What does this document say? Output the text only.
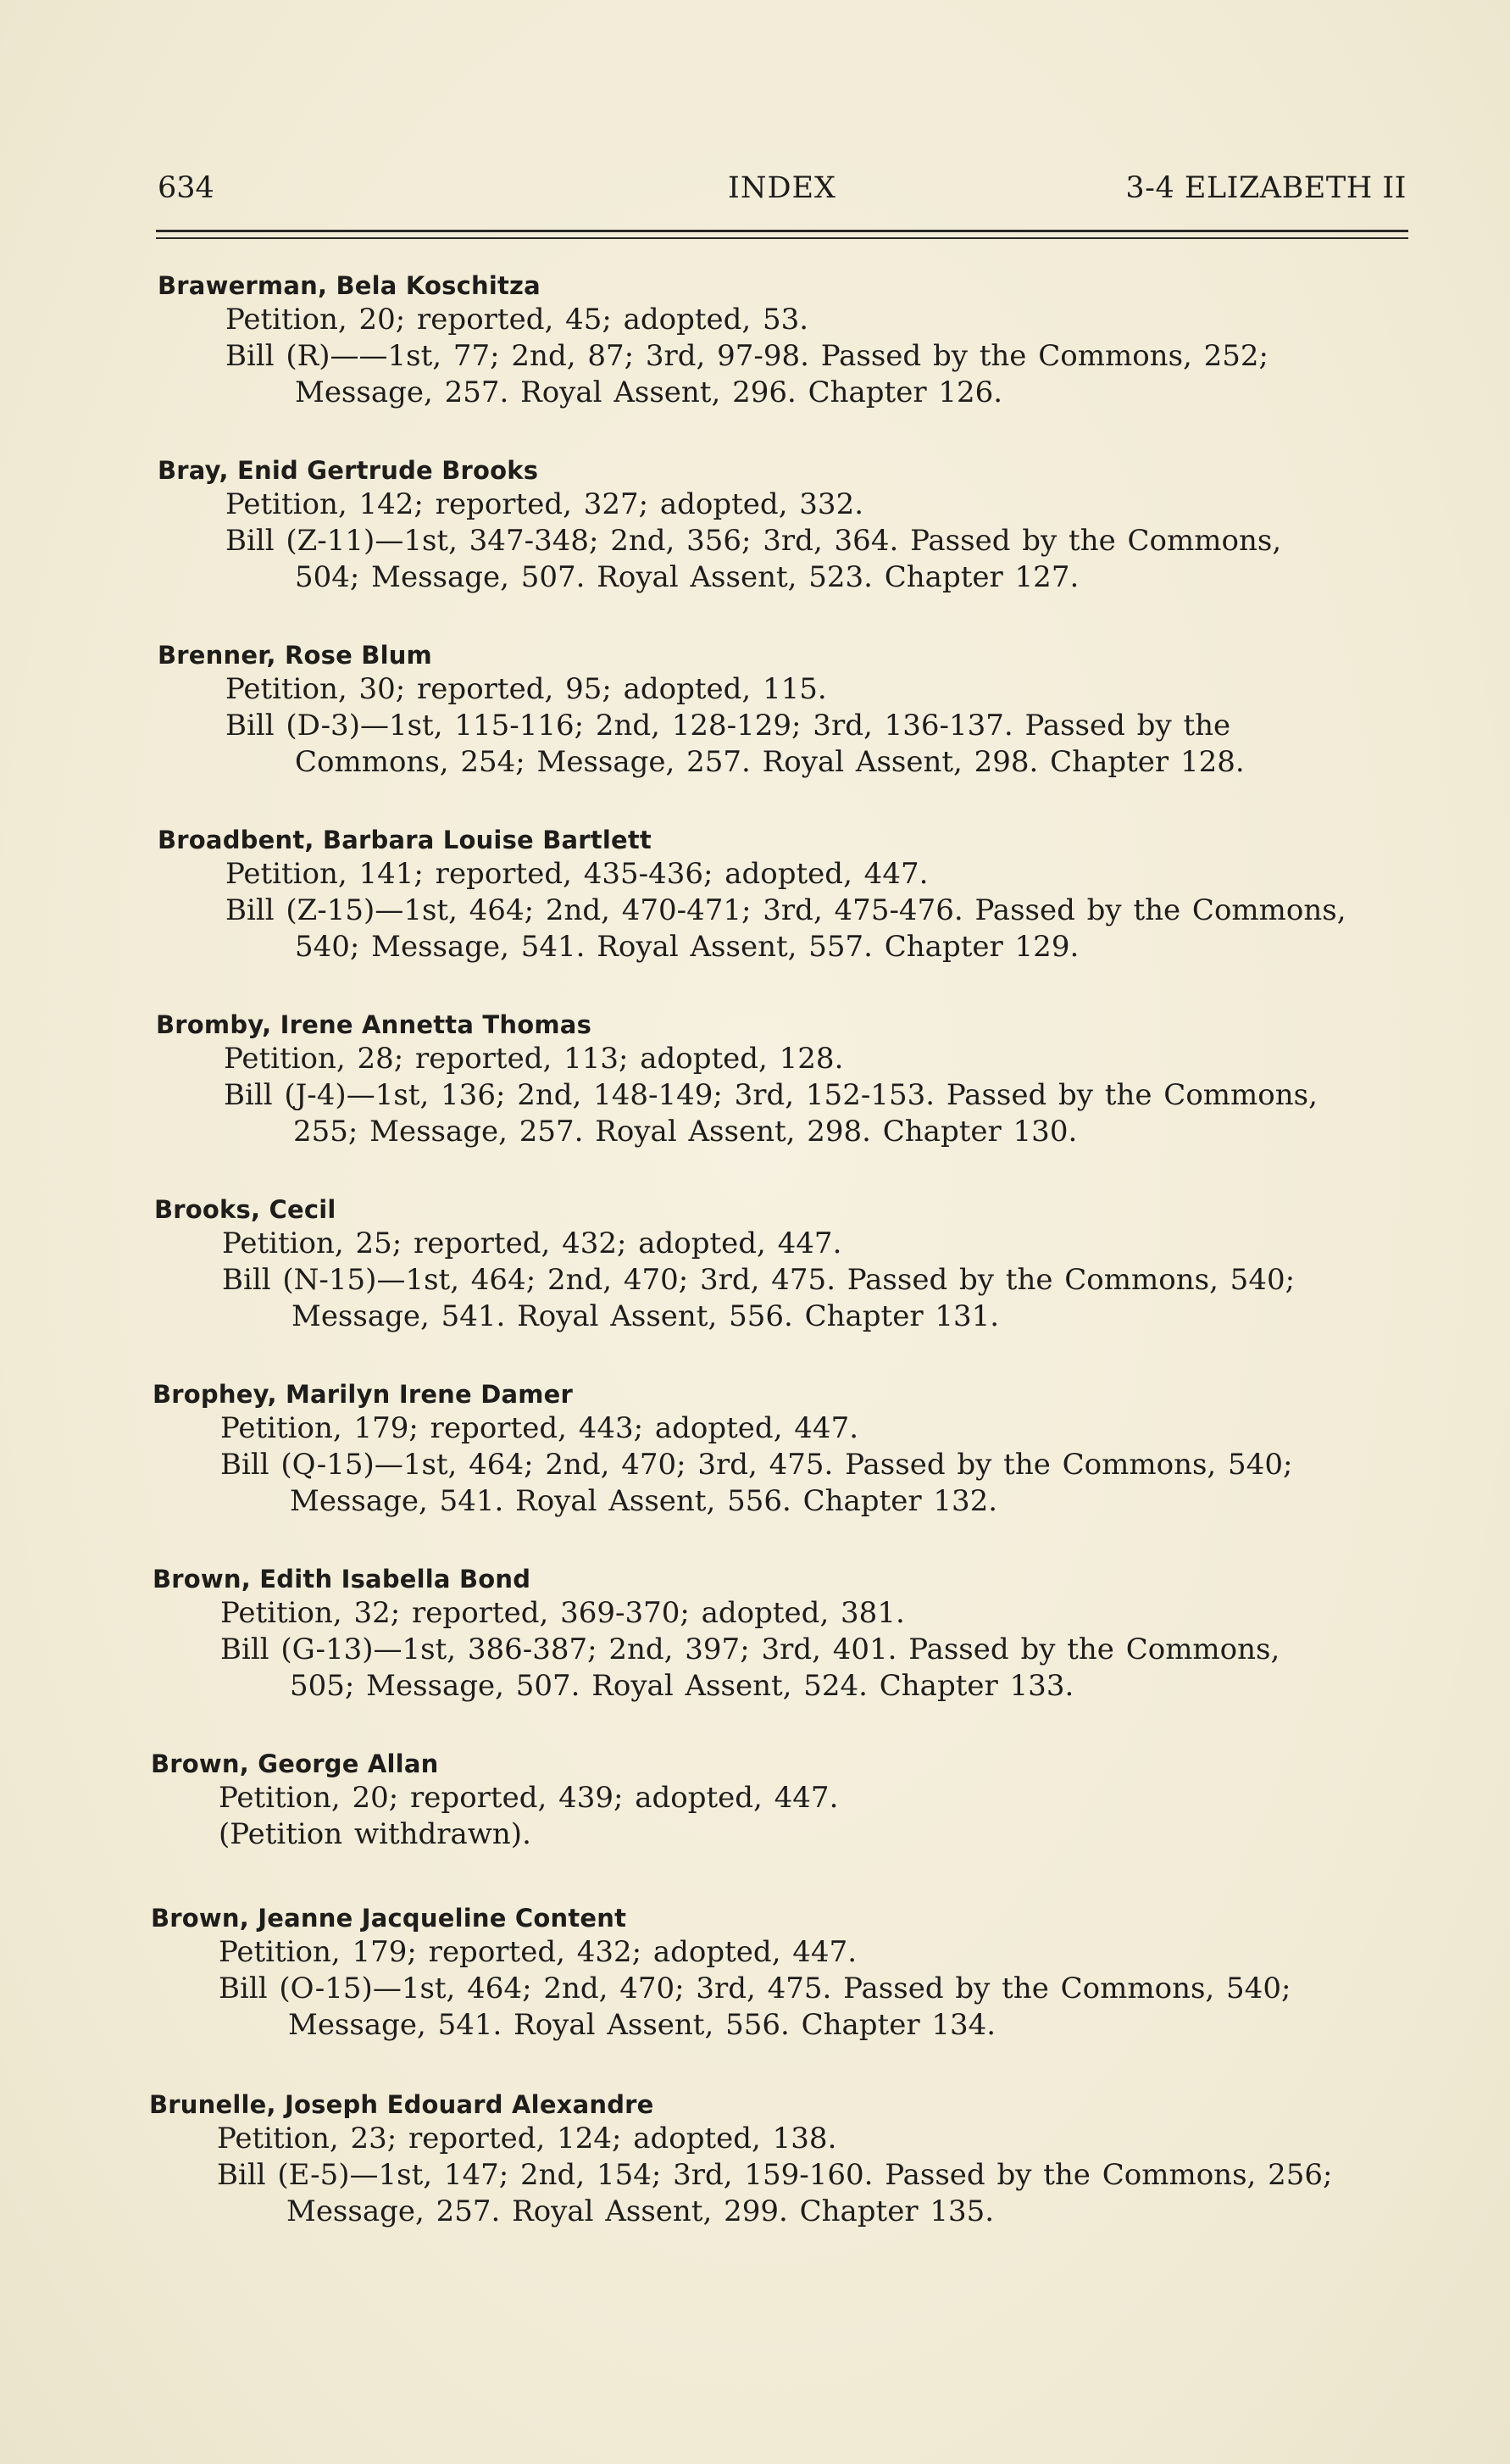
634	INDEX	3-4 ELIZABETH II
Brawerman, Bela Koschitza
Petition, 20; reported, 45; adopted, 53.
Bill (R)——1st, 77; 2nd, 87; 3rd, 97-98. Passed by the Commons, 252;
Message, 257. Royal Assent, 296. Chapter 126.
Bray, Enid Gertrude Brooks
Petition, 142; reported, 327; adopted, 332.
Bill (Z-11)—1st, 347-348; 2nd, 356; 3rd, 364. Passed by the Commons,
504; Message, 507. Royal Assent, 523. Chapter 127.
Brenner, Rose Blum
Petition, 30; reported, 95; adopted, 115.
Bill (D-3)—1st, 115-116; 2nd, 128-129; 3rd, 136-137. Passed by the
Commons, 254; Message, 257. Royal Assent, 298. Chapter 128.
Broadbent, Barbara Louise Bartlett
Petition, 141; reported, 435-436; adopted, 447.
Bill (Z-15)—1st, 464; 2nd, 470-471; 3rd, 475-476. Passed by the Commons,
540; Message, 541. Royal Assent, 557. Chapter 129.
Bromby, Irene Annetta Thomas
Petition, 28; reported, 113; adopted, 128.
Bill (J-4)—1st, 136; 2nd, 148-149; 3rd, 152-153. Passed by the Commons,
255; Message, 257. Royal Assent, 298. Chapter 130.
Brooks, Cecil
Petition, 25; reported, 432; adopted, 447.
Bill (N-15)—1st, 464; 2nd, 470; 3rd, 475. Passed by the Commons, 540;
Message, 541. Royal Assent, 556. Chapter 131.
Brophey, Marilyn Irene Damer
Petition, 179; reported, 443; adopted, 447.
Bill (Q-15)—1st, 464; 2nd, 470; 3rd, 475. Passed by the Commons, 540;
Message, 541. Royal Assent, 556. Chapter 132.
Brown, Edith Isabella Bond
Petition, 32; reported, 369-370; adopted, 381.
Bill (G-13)—1st, 386-387; 2nd, 397; 3rd, 401. Passed by the Commons,
505; Message, 507. Royal Assent, 524. Chapter 133.
Brown, George Allan
Petition, 20; reported, 439; adopted, 447.
(Petition withdrawn).
Brown, Jeanne Jacqueline Content
Petition, 179; reported, 432; adopted, 447.
Bill (O-15)—1st, 464; 2nd, 470; 3rd, 475. Passed by the Commons, 540;
Message, 541. Royal Assent, 556. Chapter 134.
Brunelle, Joseph Edouard Alexandre
Petition, 23; reported, 124; adopted, 138.
Bill (E-5)—1st, 147; 2nd, 154; 3rd, 159-160. Passed by the Commons, 256;
Message, 257. Royal Assent, 299. Chapter 135.
